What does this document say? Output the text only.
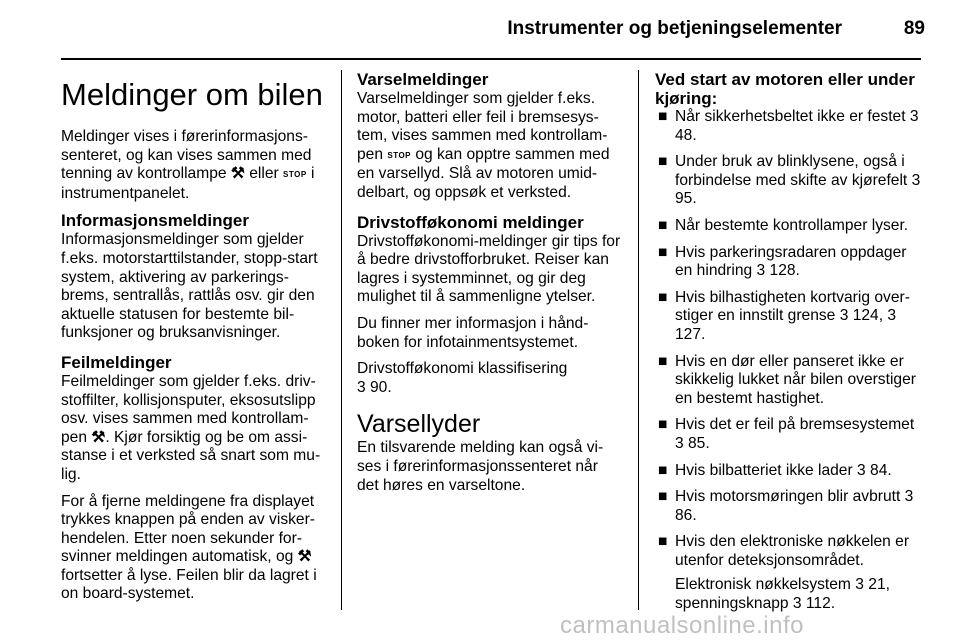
Instrumenter og betjeningselementer	89
Meldinger om bilen

Meldinger vises i førerinformasjonssenteret, og kan vises sammen med tenning av kontrollampe ⚒ eller STOP i instrumentpanelet.

Informasjonsmeldinger

Informasjonsmeldinger som gjelder f.eks. motorstarttilstander, stopp-start system, aktivering av parkeringsbrems, sentrallås, rattlås osv. gir den aktuelle statusen for bestemte bilfunksjoner og bruksanvisninger.

Feilmeldinger

Feilmeldinger som gjelder f.eks. drivstoffilter, kollisjonsputer, eksosutslipp osv. vises sammen med kontrollampen ⚒. Kjør forsiktig og be om assistanse i et verksted så snart som mulig.

For å fjerne meldingene fra displayet trykkes knappen på enden av viskerhendelen. Etter noen sekunder forsvinner meldingen automatisk, og ⚒ fortsetter å lyse. Feilen blir da lagret i on board-systemet.

Varselmeldinger

Varselmeldinger som gjelder f.eks. motor, batteri eller feil i bremsesystem, vises sammen med kontrollampen STOP og kan opptre sammen med en varsellyd. Slå av motoren umiddelbart, og oppsøk et verksted.

Drivstofføkonomi meldinger

Drivstofføkonomi-meldinger gir tips for å bedre drivstofforbruket. Reiser kan lagres i systemminnet, og gir deg mulighet til å sammenligne ytelser.

Du finner mer informasjon i håndboken for infotainmentsystemet.

Drivstofføkonomi klassifisering
3 90.

Varsellyder

En tilsvarende melding kan også vises i førerinformasjonssenteret når det høres en varseltone.

Ved start av motoren eller under kjøring:
■ Når sikkerhetsbeltet ikke er festet 3 48.
■ Under bruk av blinklysene, også i forbindelse med skifte av kjørefelt 3 95.
■ Når bestemte kontrollamper lyser.
■ Hvis parkeringsradaren oppdager en hindring 3 128.
■ Hvis bilhastigheten kortvarig overstiger en innstilt grense 3 124, 3 127.
■ Hvis en dør eller panseret ikke er skikkelig lukket når bilen overstiger en bestemt hastighet.
■ Hvis det er feil på bremsesystemet 3 85.
■ Hvis bilbatteriet ikke lader 3 84.
■ Hvis motorsmøringen blir avbrutt 3 86.
■ Hvis den elektroniske nøkkelen er utenfor deteksjonsområdet.

Elektronisk nøkkelsystem 3 21, spenningsknapp 3 112.

carmanualsonline.info
